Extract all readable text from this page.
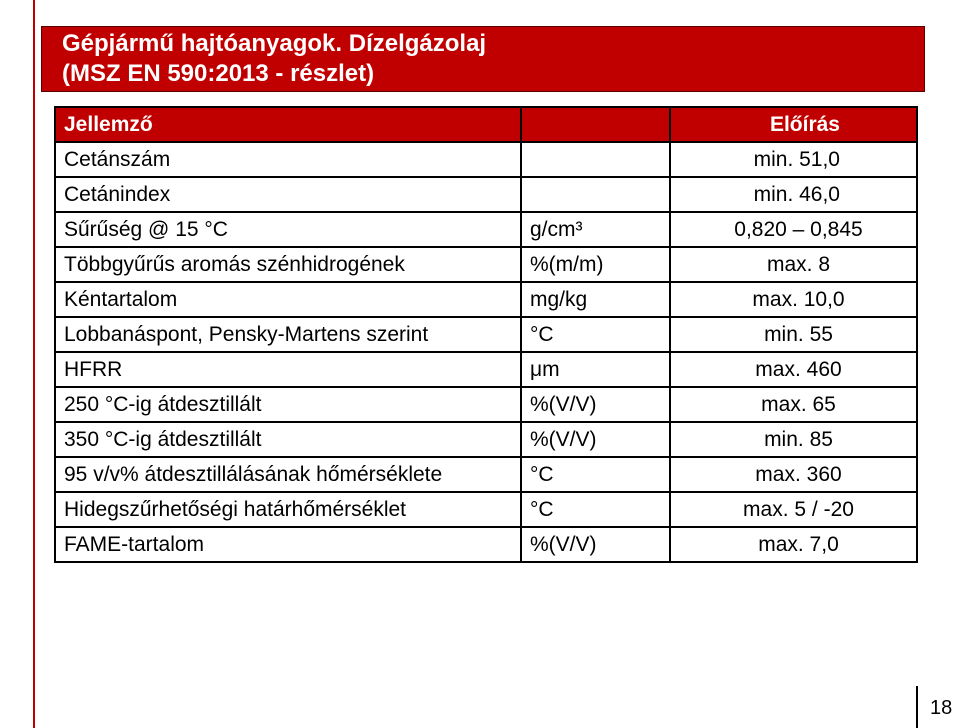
Gépjármű hajtóanyagok. Dízelgázolaj
(MSZ EN 590:2013 - részlet)
Jellemző		Előírás
Cetánszám		min. 51,0
Cetánindex		min. 46,0
Sűrűség @ 15 °C	g/cm³	0,820 – 0,845
Többgyűrűs aromás szénhidrogének	%(m/m)	max. 8
Kéntartalom	mg/kg	max. 10,0
Lobbanáspont, Pensky-Martens szerint	°C	min. 55
HFRR	μm	max. 460
250 °C-ig átdesztillált	%(V/V)	max. 65
350 °C-ig átdesztillált	%(V/V)	min. 85
95 v/v% átdesztillálásának hőmérséklete	°C	max. 360
Hidegszűrhetőségi határhőmérséklet	°C	max. 5 / -20
FAME-tartalom	%(V/V)	max. 7,0
18
